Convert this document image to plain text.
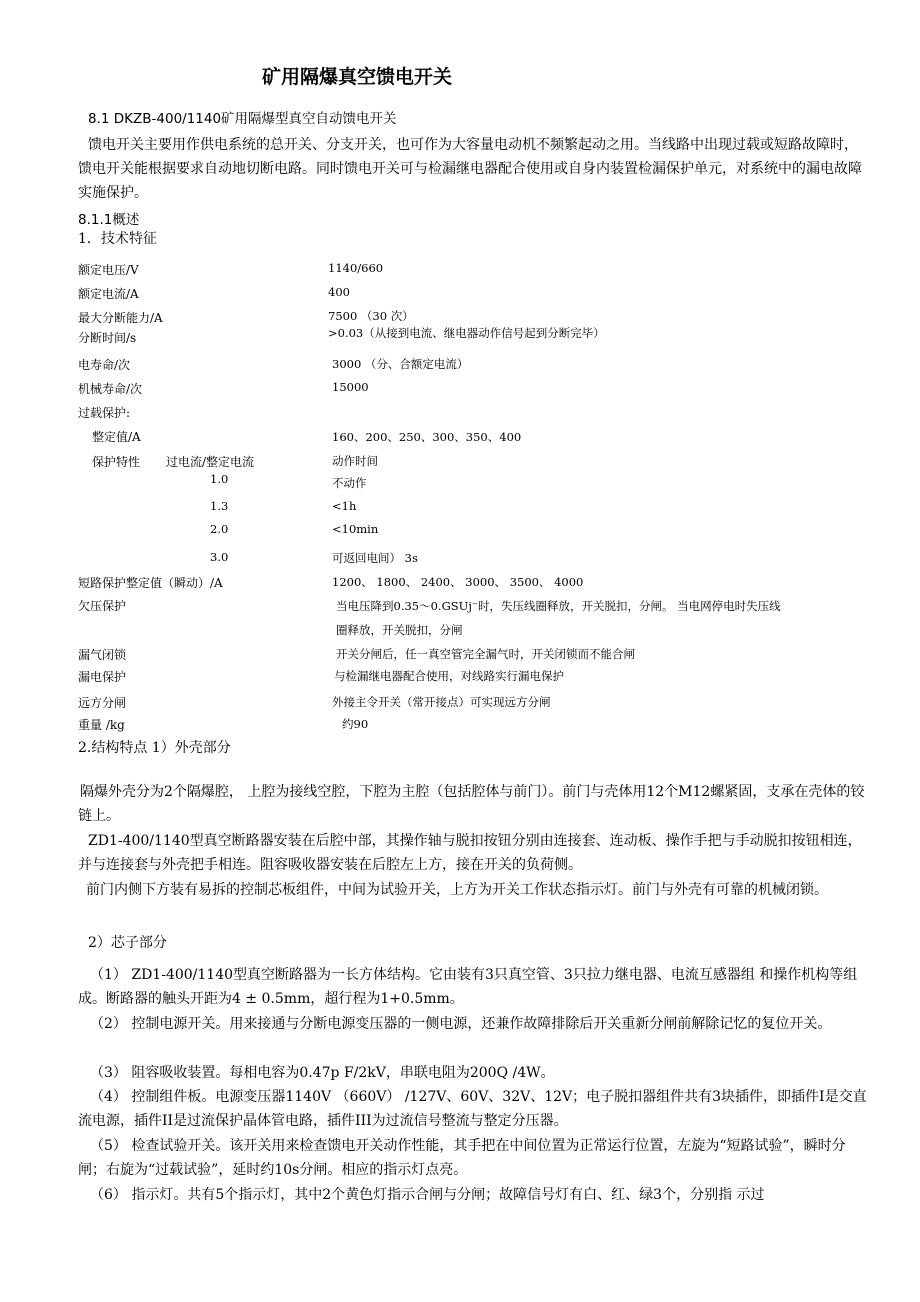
矿用隔爆真空馈电开关
8.1 DKZB-400/1140矿用隔爆型真空自动馈电开关
馈电开关主要用作供电系统的总开关、分支开关，也可作为大容量电动机不频繁起动之用。当线路中出现过载或短路故障时，馈电开关能根据要求自动地切断电路。同时馈电开关可与检漏继电器配合使用或自身内装置检漏保护单元，对系统中的漏电故障实施保护。
8.1.1概述
1．技术特征
额定电压/V	1140/660
额定电流/A	400
最大分断能力/A	7500 （30 次）
分断时间/s	>0.03（从接到电流、继电器动作信号起到分断完毕）
电寿命/次	3000 （分、合额定电流）
机械寿命/次	15000
过载保护:
整定值/A	160、200、250、300、350、400
保护特性 过电流/整定电流	动作时间
1.0	不动作
1.3	<1h
2.0	<10min
3.0	可返回电间） 3s
短路保护整定值（瞬动）/A	1200、 1800、 2400、 3000、 3500、 4000
欠压保护	当电压降到0.35～0.GSUj⁻时，失压线圈释放，开关脱扣，分闸。 当电网停电时失压线
圈释放，开关脱扣，分闸
漏气闭锁	开关分闸后，任一真空管完全漏气时，开关闭锁而不能合闸
漏电保护	与检漏继电器配合使用，对线路实行漏电保护
远方分闸	外接主令开关（常开接点）可实现远方分闸
重量 /kg	约90
2.结构特点 1）外壳部分
隔爆外壳分为2个隔爆腔， 上腔为接线空腔，下腔为主腔（包括腔体与前门）。前门与壳体用12个M12螺紧固，支承在壳体的铰链上。
ZD1-400/1140型真空断路器安装在后腔中部，其操作轴与脱扣按钮分别由连接套、连动板、操作手把与手动脱扣按钮相连，并与连接套与外壳把手相连。阻容吸收器安装在后腔左上方，接在开关的负荷侧。
前门内侧下方装有易拆的控制芯板组件，中间为试验开关，上方为开关工作状态指示灯。前门与外壳有可靠的机械闭锁。
2）芯子部分
（1） ZD1-400/1140型真空断路器为一长方体结构。它由装有3只真空管、3只拉力继电器、电流互感器组 和操作机构等组成。断路器的触头开距为4 ± 0.5mm，超行程为1+0.5mm。
（2） 控制电源开关。用来接通与分断电源变压器的一侧电源，还兼作故障排除后开关重新分闸前解除记忆的复位开关。
（3） 阻容吸收装置。每相电容为0.47p F/2kV，串联电阻为200Q /4W。
（4） 控制组件板。电源变压器1140V （660V） /127V、60V、32V、12V；电子脱扣器组件共有3块插件，即插件I是交直流电源，插件II是过流保护晶体管电路，插件III为过流信号整流与整定分压器。
（5） 检查试验开关。该开关用来检查馈电开关动作性能，其手把在中间位置为正常运行位置，左旋为“短路试验”，瞬时分闸；右旋为“过载试验”，延时约10s分闸。相应的指示灯点亮。
（6） 指示灯。共有5个指示灯，其中2个黄色灯指示合闸与分闸；故障信号灯有白、红、绿3个，分别指 示过
